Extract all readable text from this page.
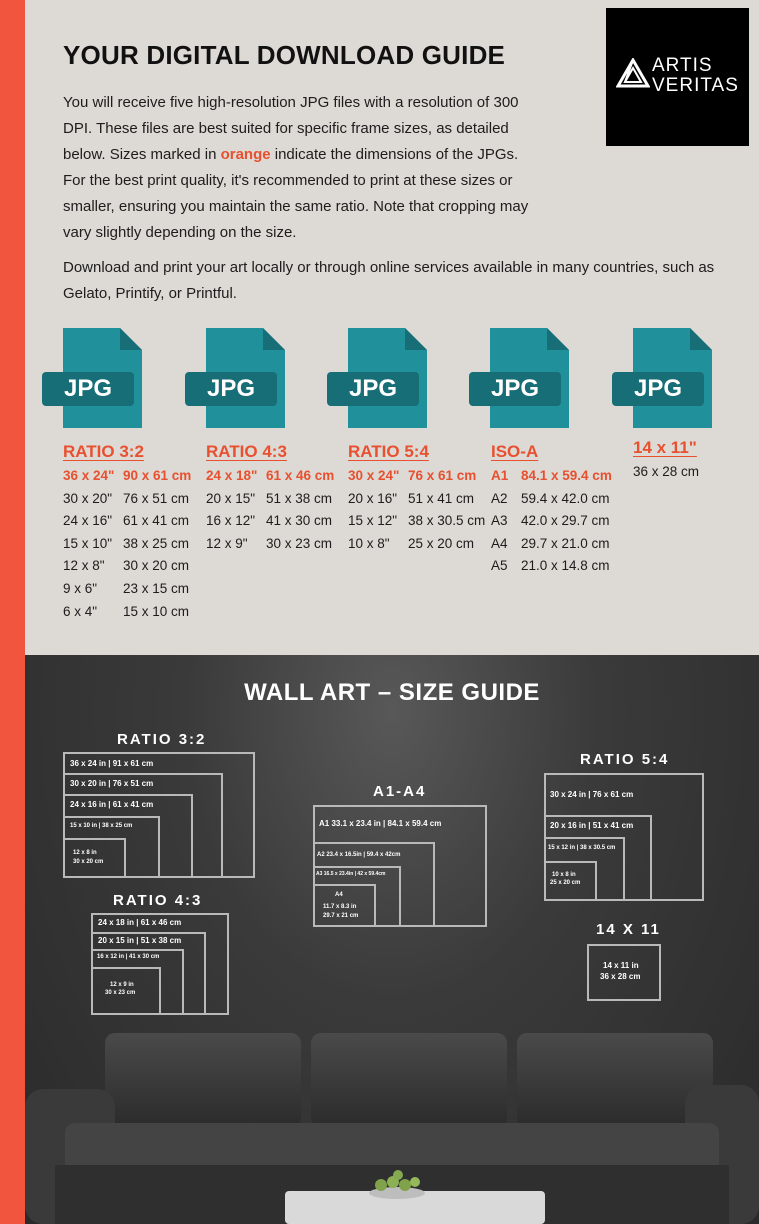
YOUR DIGITAL DOWNLOAD GUIDE

You will receive five high-resolution JPG files with a resolution of 300 DPI. These files are best suited for specific frame sizes, as detailed below. Sizes marked in orange indicate the dimensions of the JPGs. For the best print quality, it's recommended to print at these sizes or smaller, ensuring you maintain the same ratio. Note that cropping may vary slightly depending on the size.

Download and print your art locally or through online services available in many countries, such as Gelato, Printify, or Printful.

ARTIS
VERITAS
JPG	JPG	JPG	JPG	JPG
RATIO 3:2
36 x 24" 90 x 61 cm
30 x 20" 76 x 51 cm
24 x 16" 61 x 41 cm
15 x 10" 38 x 25 cm
12 x 8" 30 x 20 cm
9 x 6" 23 x 15 cm
6 x 4" 15 x 10 cm
RATIO 4:3
24 x 18" 61 x 46 cm
20 x 15" 51 x 38 cm
16 x 12" 41 x 30 cm
12 x 9" 30 x 23 cm
RATIO 5:4
30 x 24" 76 x 61 cm
20 x 16" 51 x 41 cm
15 x 12" 38 x 30.5 cm
10 x 8" 25 x 20 cm
ISO-A
A1 84.1 x 59.4 cm
A2 59.4 x 42.0 cm
A3 42.0 x 29.7 cm
A4 29.7 x 21.0 cm
A5 21.0 x 14.8 cm
14 x 11"
36 x 28 cm
WALL ART – SIZE GUIDE
RATIO 3:2
36 x 24 in | 91 x 61 cm
30 x 20 in | 76 x 51 cm
24 x 16 in | 61 x 41 cm
15 x 10 in | 38 x 25 cm
12 x 8 in
30 x 20 cm
RATIO 4:3
24 x 18 in | 61 x 46 cm
20 x 15 in | 51 x 38 cm
16 x 12 in | 41 x 30 cm
12 x 9 in
30 x 23 cm
A1-A4
A1 33.1 x 23.4 in | 84.1 x 59.4 cm
A2 23.4 x 16.5in | 59.4 x 42cm
A3 16.5 x 23.4in | 42 x 59.4cm
A4
11.7 x 8.3 in
29.7 x 21 cm
RATIO 5:4
30 x 24 in | 76 x 61 cm
20 x 16 in | 51 x 41 cm
15 x 12 in | 38 x 30.5 cm
10 x 8 in
25 x 20 cm
14 X 11
14 x 11 in
36 x 28 cm
